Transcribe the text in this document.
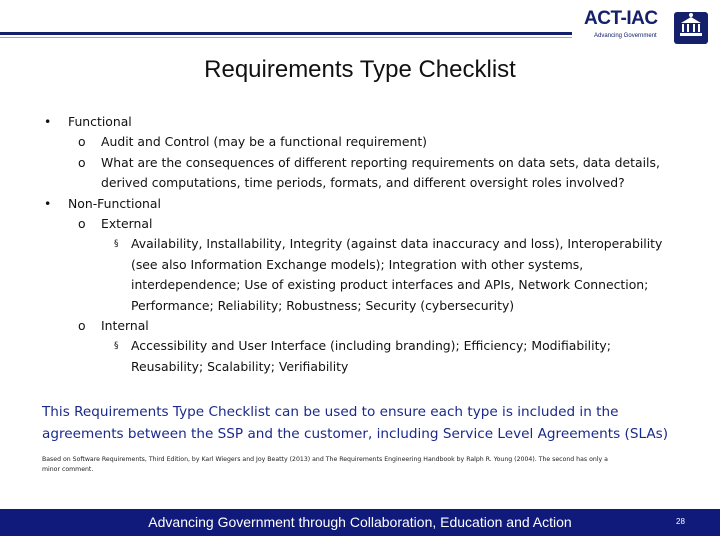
ACT-IAC
Advancing Government
Requirements Type Checklist
• Functional
o Audit and Control (may be a functional requirement)
o What are the consequences of different reporting requirements on data sets, data details,
derived computations, time periods, formats, and different oversight roles involved?
• Non-Functional
o External
§ Availability, Installability, Integrity (against data inaccuracy and loss), Interoperability
(see also Information Exchange models); Integration with other systems,
interdependence; Use of existing product interfaces and APIs, Network Connection;
Performance; Reliability; Robustness; Security (cybersecurity)
o Internal
§ Accessibility and User Interface (including branding); Efficiency; Modifiability;
Reusability; Scalability; Verifiability
This Requirements Type Checklist can be used to ensure each type is included in the
agreements between the SSP and the customer, including Service Level Agreements (SLAs)
Based on Software Requirements, Third Edition, by Karl Wiegers and Joy Beatty (2013) and The Requirements Engineering Handbook by Ralph R. Young (2004). The second has only a
minor comment.
Advancing Government through Collaboration, Education and Action	28
